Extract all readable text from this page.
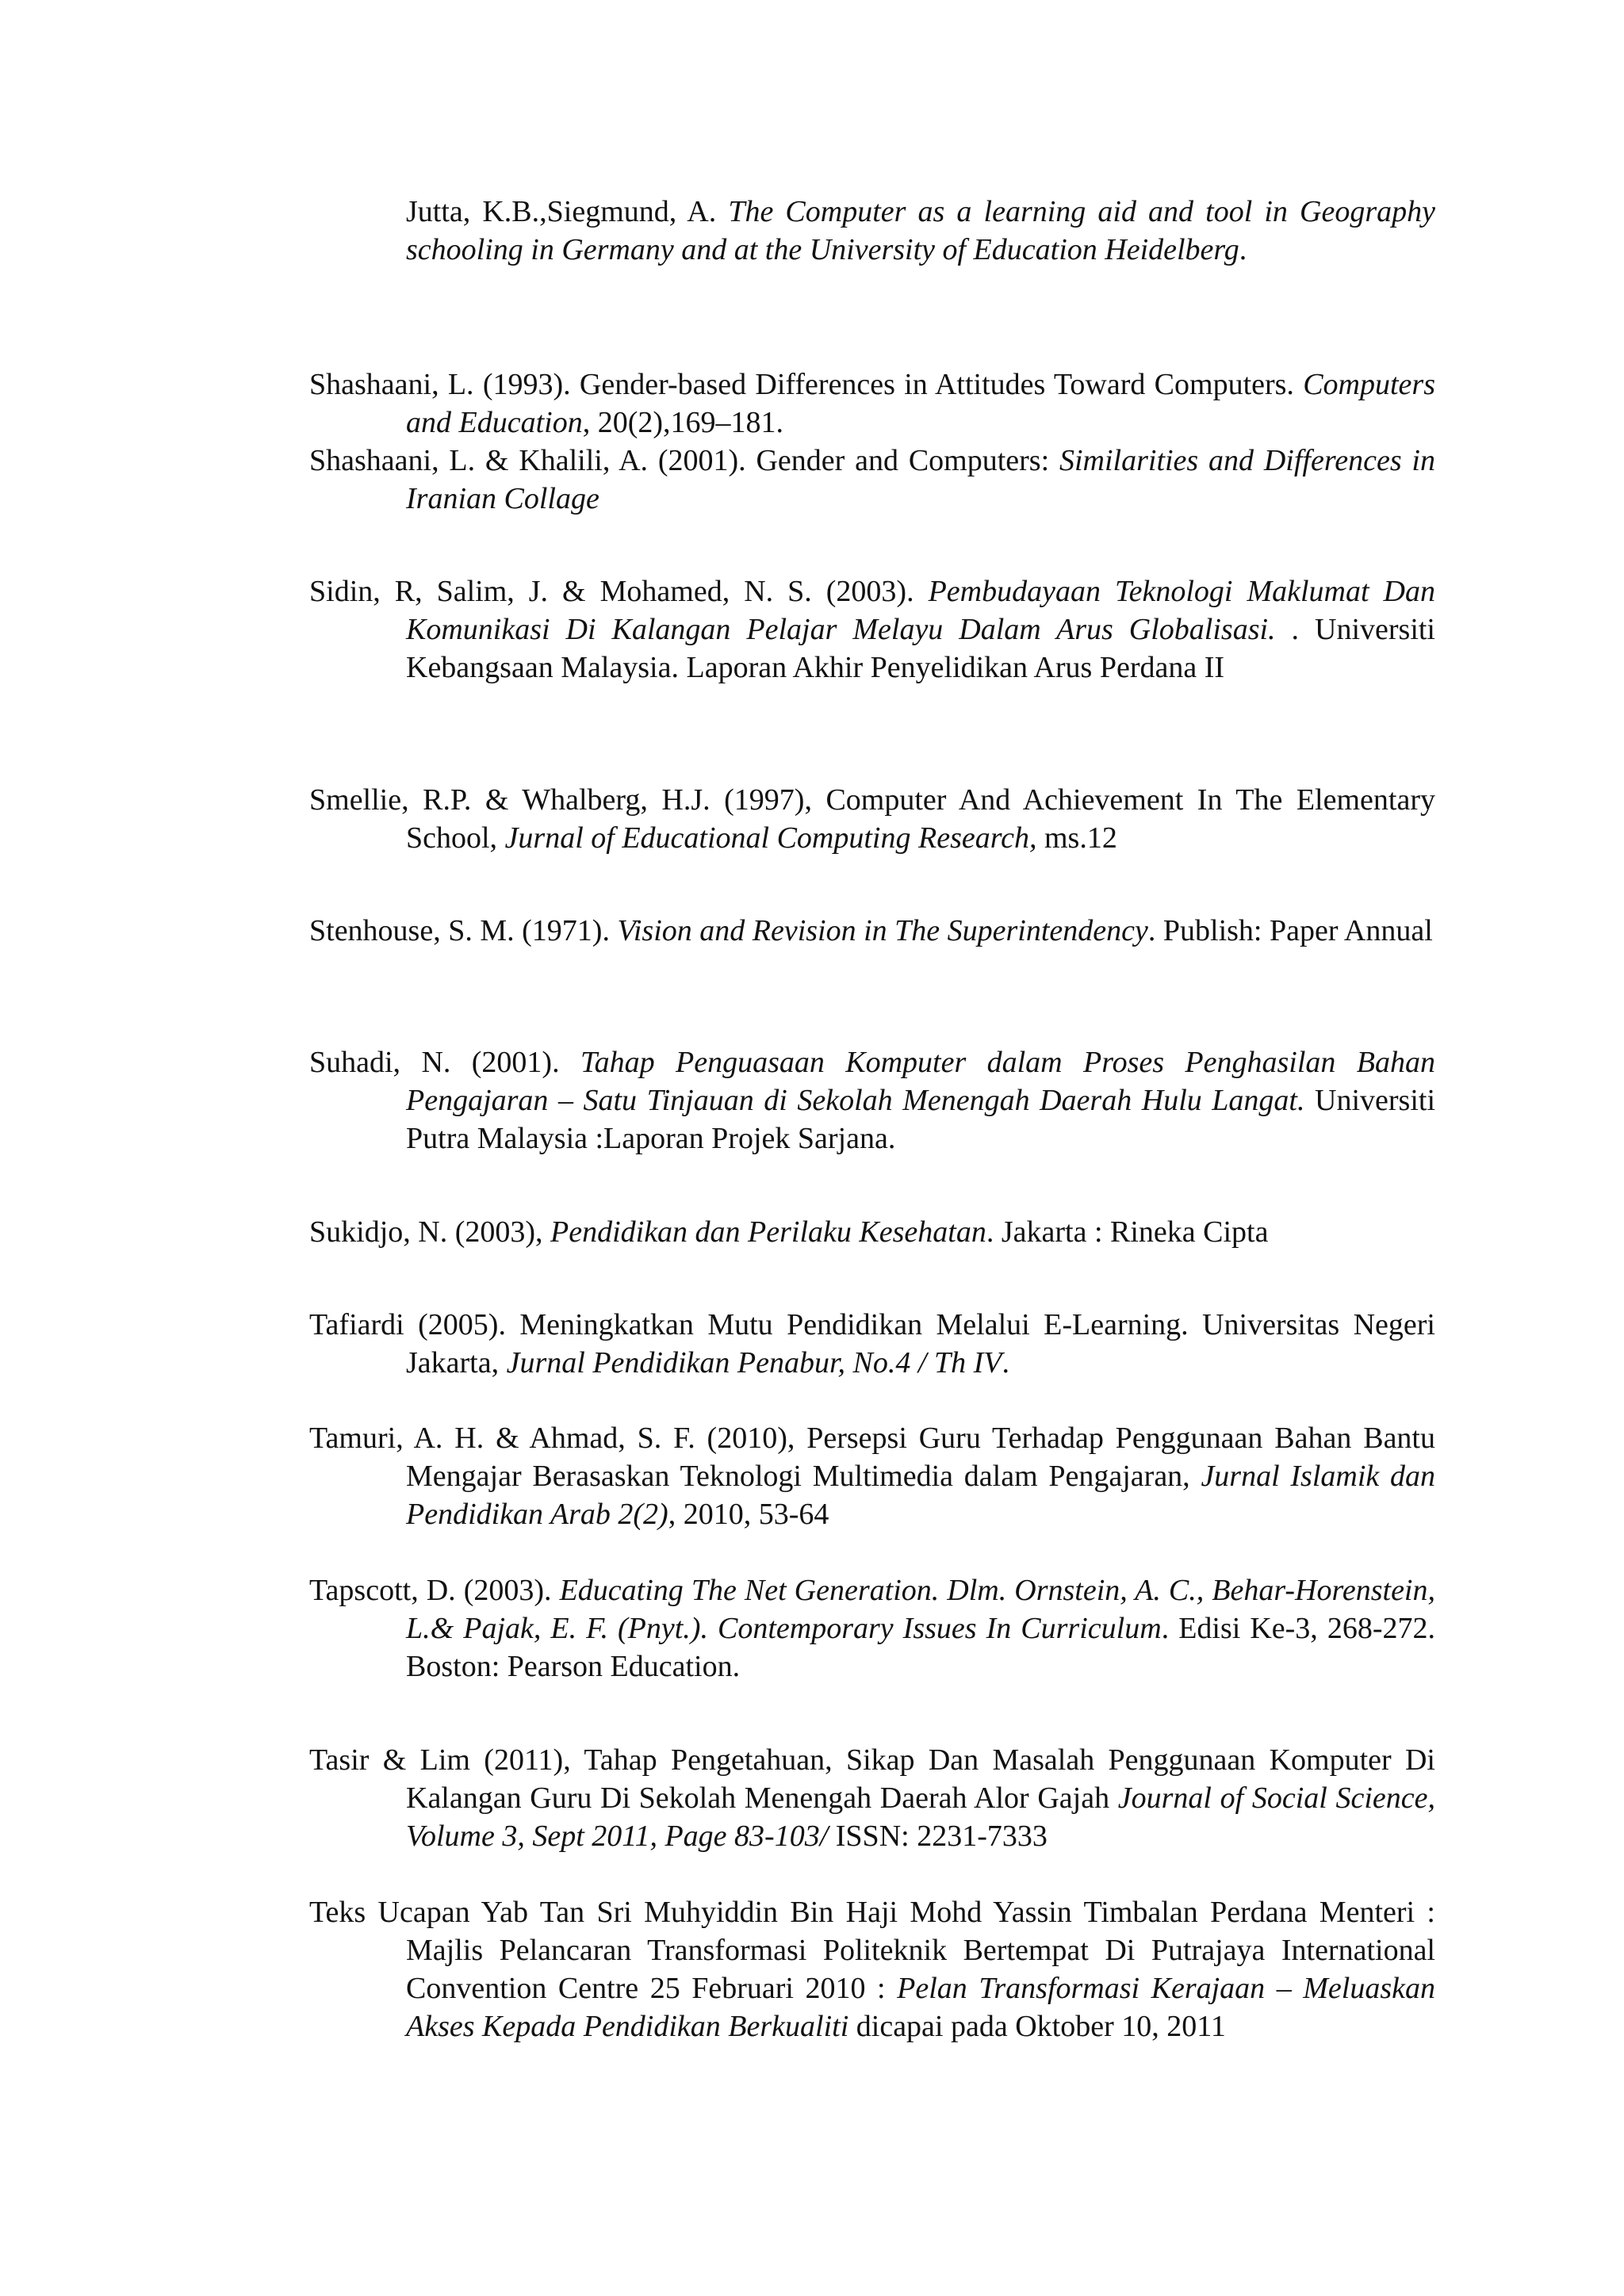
Jutta, K.B.,Siegmund, A. The Computer as a learning aid and tool in Geography schooling in Germany and at the University of Education Heidelberg.

Shashaani, L. (1993). Gender-based Differences in Attitudes Toward Computers. Computers and Education, 20(2),169–181.

Shashaani, L. & Khalili, A. (2001). Gender and Computers: Similarities and Differences in Iranian Collage

Sidin, R, Salim, J. & Mohamed, N. S. (2003). Pembudayaan Teknologi Maklumat Dan Komunikasi Di Kalangan Pelajar Melayu Dalam Arus Globalisasi. . Universiti Kebangsaan Malaysia. Laporan Akhir Penyelidikan Arus Perdana II

Smellie, R.P. & Whalberg, H.J. (1997), Computer And Achievement In The Elementary School, Jurnal of Educational Computing Research, ms.12

Stenhouse, S. M. (1971). Vision and Revision in The Superintendency. Publish: Paper Annual

Suhadi, N. (2001). Tahap Penguasaan Komputer dalam Proses Penghasilan Bahan Pengajaran – Satu Tinjauan di Sekolah Menengah Daerah Hulu Langat. Universiti Putra Malaysia :Laporan Projek Sarjana.

Sukidjo, N. (2003), Pendidikan dan Perilaku Kesehatan. Jakarta : Rineka Cipta

Tafiardi (2005). Meningkatkan Mutu Pendidikan Melalui E-Learning. Universitas Negeri Jakarta, Jurnal Pendidikan Penabur, No.4 / Th IV.

Tamuri, A. H. & Ahmad, S. F. (2010), Persepsi Guru Terhadap Penggunaan Bahan Bantu Mengajar Berasaskan Teknologi Multimedia dalam Pengajaran, Jurnal Islamik dan Pendidikan Arab 2(2), 2010, 53-64

Tapscott, D. (2003). Educating The Net Generation. Dlm. Ornstein, A. C., Behar-Horenstein, L.& Pajak, E. F. (Pnyt.). Contemporary Issues In Curriculum. Edisi Ke-3, 268-272. Boston: Pearson Education.

Tasir & Lim (2011), Tahap Pengetahuan, Sikap Dan Masalah Penggunaan Komputer Di Kalangan Guru Di Sekolah Menengah Daerah Alor Gajah Journal of Social Science, Volume 3, Sept 2011, Page 83-103/ ISSN: 2231-7333

Teks Ucapan Yab Tan Sri Muhyiddin Bin Haji Mohd Yassin Timbalan Perdana Menteri : Majlis Pelancaran Transformasi Politeknik Bertempat Di Putrajaya International Convention Centre 25 Februari 2010 : Pelan Transformasi Kerajaan – Meluaskan Akses Kepada Pendidikan Berkualiti dicapai pada Oktober 10, 2011
